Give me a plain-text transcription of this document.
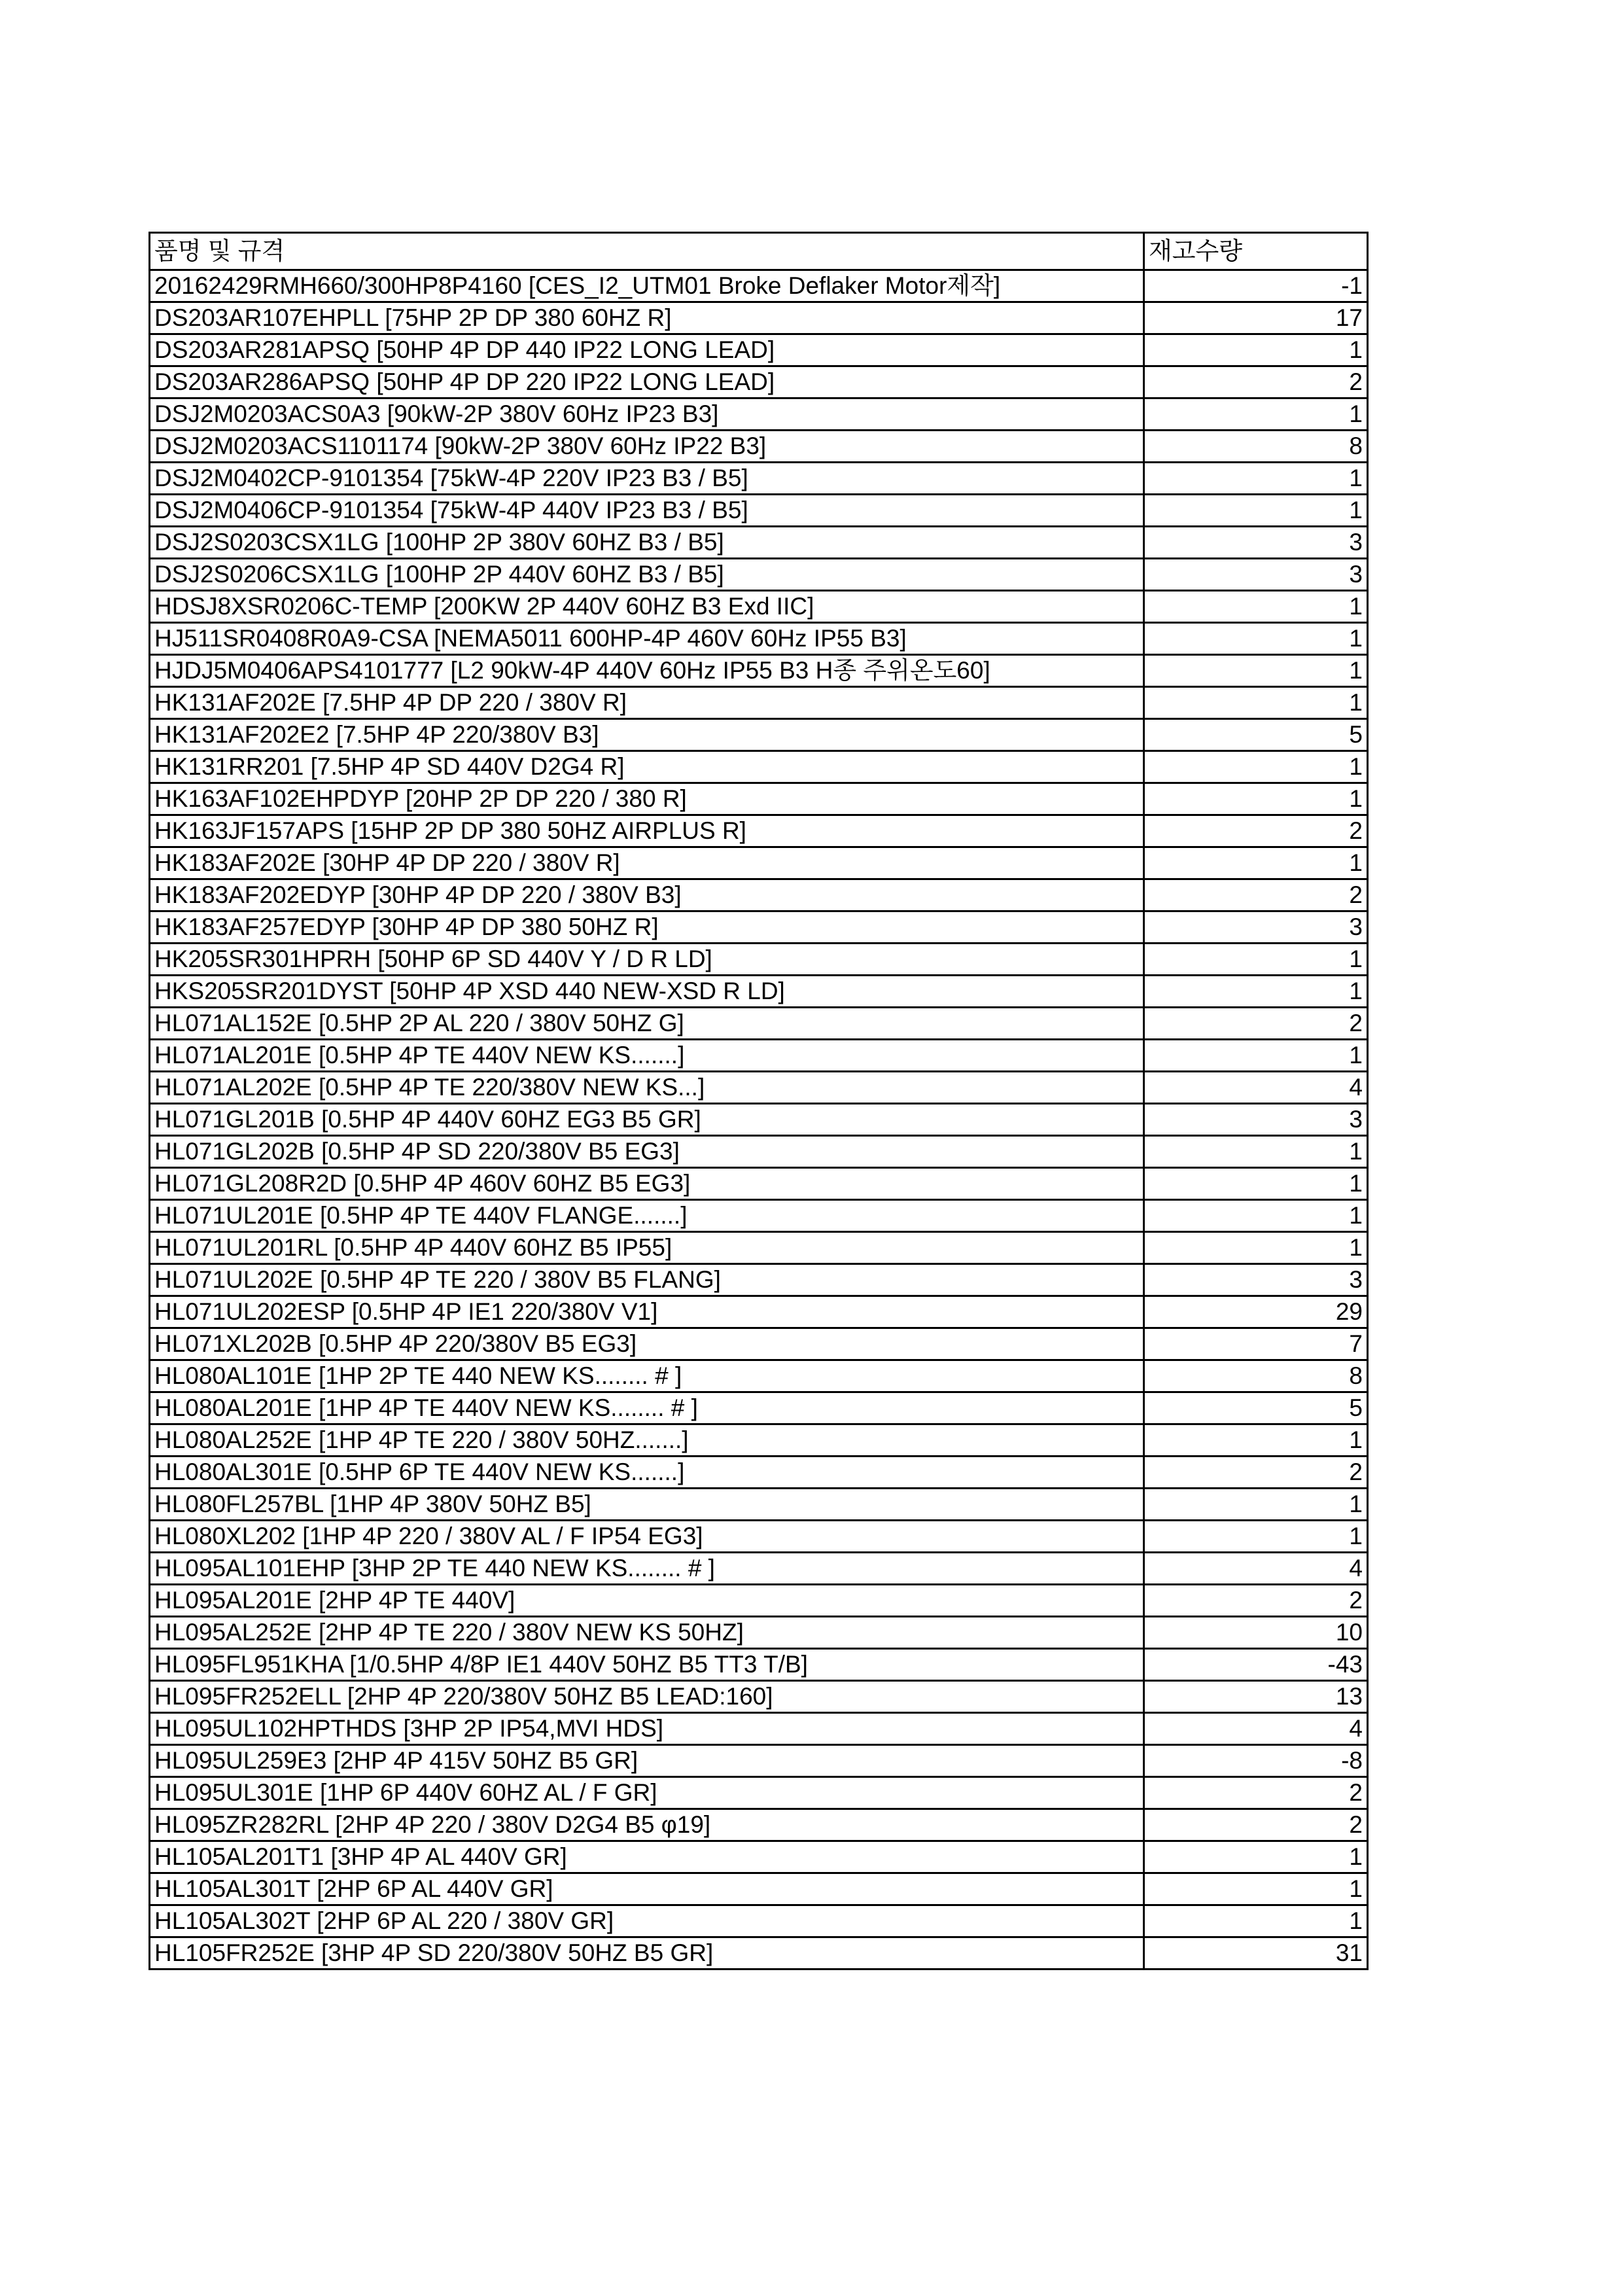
품명 및 규격	재고수량
20162429RMH660/300HP8P4160 [CES_I2_UTM01 Broke Deflaker Motor제작]	-1
DS203AR107EHPLL [75HP 2P DP 380 60HZ R]	17
DS203AR281APSQ [50HP 4P DP 440 IP22 LONG LEAD]	1
DS203AR286APSQ [50HP 4P DP 220 IP22 LONG LEAD]	2
DSJ2M0203ACS0A3 [90kW-2P 380V 60Hz IP23 B3]	1
DSJ2M0203ACS1101174 [90kW-2P 380V 60Hz IP22 B3]	8
DSJ2M0402CP-9101354 [75kW-4P 220V IP23 B3 / B5]	1
DSJ2M0406CP-9101354 [75kW-4P 440V IP23 B3 / B5]	1
DSJ2S0203CSX1LG [100HP 2P 380V 60HZ B3 / B5]	3
DSJ2S0206CSX1LG [100HP 2P 440V 60HZ B3 / B5]	3
HDSJ8XSR0206C-TEMP [200KW 2P 440V 60HZ B3 Exd IIC]	1
HJ511SR0408R0A9-CSA [NEMA5011 600HP-4P 460V 60Hz IP55 B3]	1
HJDJ5M0406APS4101777 [L2 90kW-4P 440V 60Hz IP55 B3 H종 주위온도60]	1
HK131AF202E [7.5HP 4P DP 220 / 380V R]	1
HK131AF202E2 [7.5HP 4P 220/380V B3]	5
HK131RR201 [7.5HP 4P SD 440V D2G4 R]	1
HK163AF102EHPDYP [20HP 2P DP 220 / 380 R]	1
HK163JF157APS [15HP 2P DP 380 50HZ AIRPLUS R]	2
HK183AF202E [30HP 4P DP 220 / 380V R]	1
HK183AF202EDYP [30HP 4P DP 220 / 380V B3]	2
HK183AF257EDYP [30HP 4P DP 380 50HZ R]	3
HK205SR301HPRH [50HP 6P SD 440V Y / D R LD]	1
HKS205SR201DYST [50HP 4P XSD 440 NEW-XSD R LD]	1
HL071AL152E [0.5HP 2P AL 220 / 380V 50HZ G]	2
HL071AL201E [0.5HP 4P TE 440V NEW KS.......]	1
HL071AL202E [0.5HP 4P TE 220/380V NEW KS...]	4
HL071GL201B [0.5HP 4P 440V 60HZ EG3 B5 GR]	3
HL071GL202B [0.5HP 4P SD 220/380V B5 EG3]	1
HL071GL208R2D [0.5HP 4P 460V 60HZ B5 EG3]	1
HL071UL201E [0.5HP 4P TE 440V FLANGE.......]	1
HL071UL201RL [0.5HP 4P 440V 60HZ B5 IP55]	1
HL071UL202E [0.5HP 4P TE 220 / 380V B5 FLANG]	3
HL071UL202ESP [0.5HP 4P IE1 220/380V V1]	29
HL071XL202B [0.5HP 4P 220/380V B5 EG3]	7
HL080AL101E [1HP 2P TE 440 NEW KS........ # ]	8
HL080AL201E [1HP 4P TE 440V NEW KS........ # ]	5
HL080AL252E [1HP 4P TE 220 / 380V 50HZ.......]	1
HL080AL301E [0.5HP 6P TE 440V NEW KS.......]	2
HL080FL257BL [1HP 4P 380V 50HZ B5]	1
HL080XL202 [1HP 4P 220 / 380V AL / F IP54 EG3]	1
HL095AL101EHP [3HP 2P TE 440 NEW KS........ # ]	4
HL095AL201E [2HP 4P TE 440V]	2
HL095AL252E [2HP 4P TE 220 / 380V NEW KS 50HZ]	10
HL095FL951KHA [1/0.5HP 4/8P IE1 440V 50HZ B5 TT3 T/B]	-43
HL095FR252ELL [2HP 4P 220/380V 50HZ B5 LEAD:160]	13
HL095UL102HPTHDS [3HP 2P IP54,MVI HDS]	4
HL095UL259E3 [2HP 4P 415V 50HZ B5 GR]	-8
HL095UL301E [1HP 6P 440V 60HZ AL / F GR]	2
HL095ZR282RL [2HP 4P 220 / 380V D2G4 B5 φ19]	2
HL105AL201T1 [3HP 4P AL 440V GR]	1
HL105AL301T [2HP 6P AL 440V GR]	1
HL105AL302T [2HP 6P AL 220 / 380V GR]	1
HL105FR252E [3HP 4P SD 220/380V 50HZ B5 GR]	31
